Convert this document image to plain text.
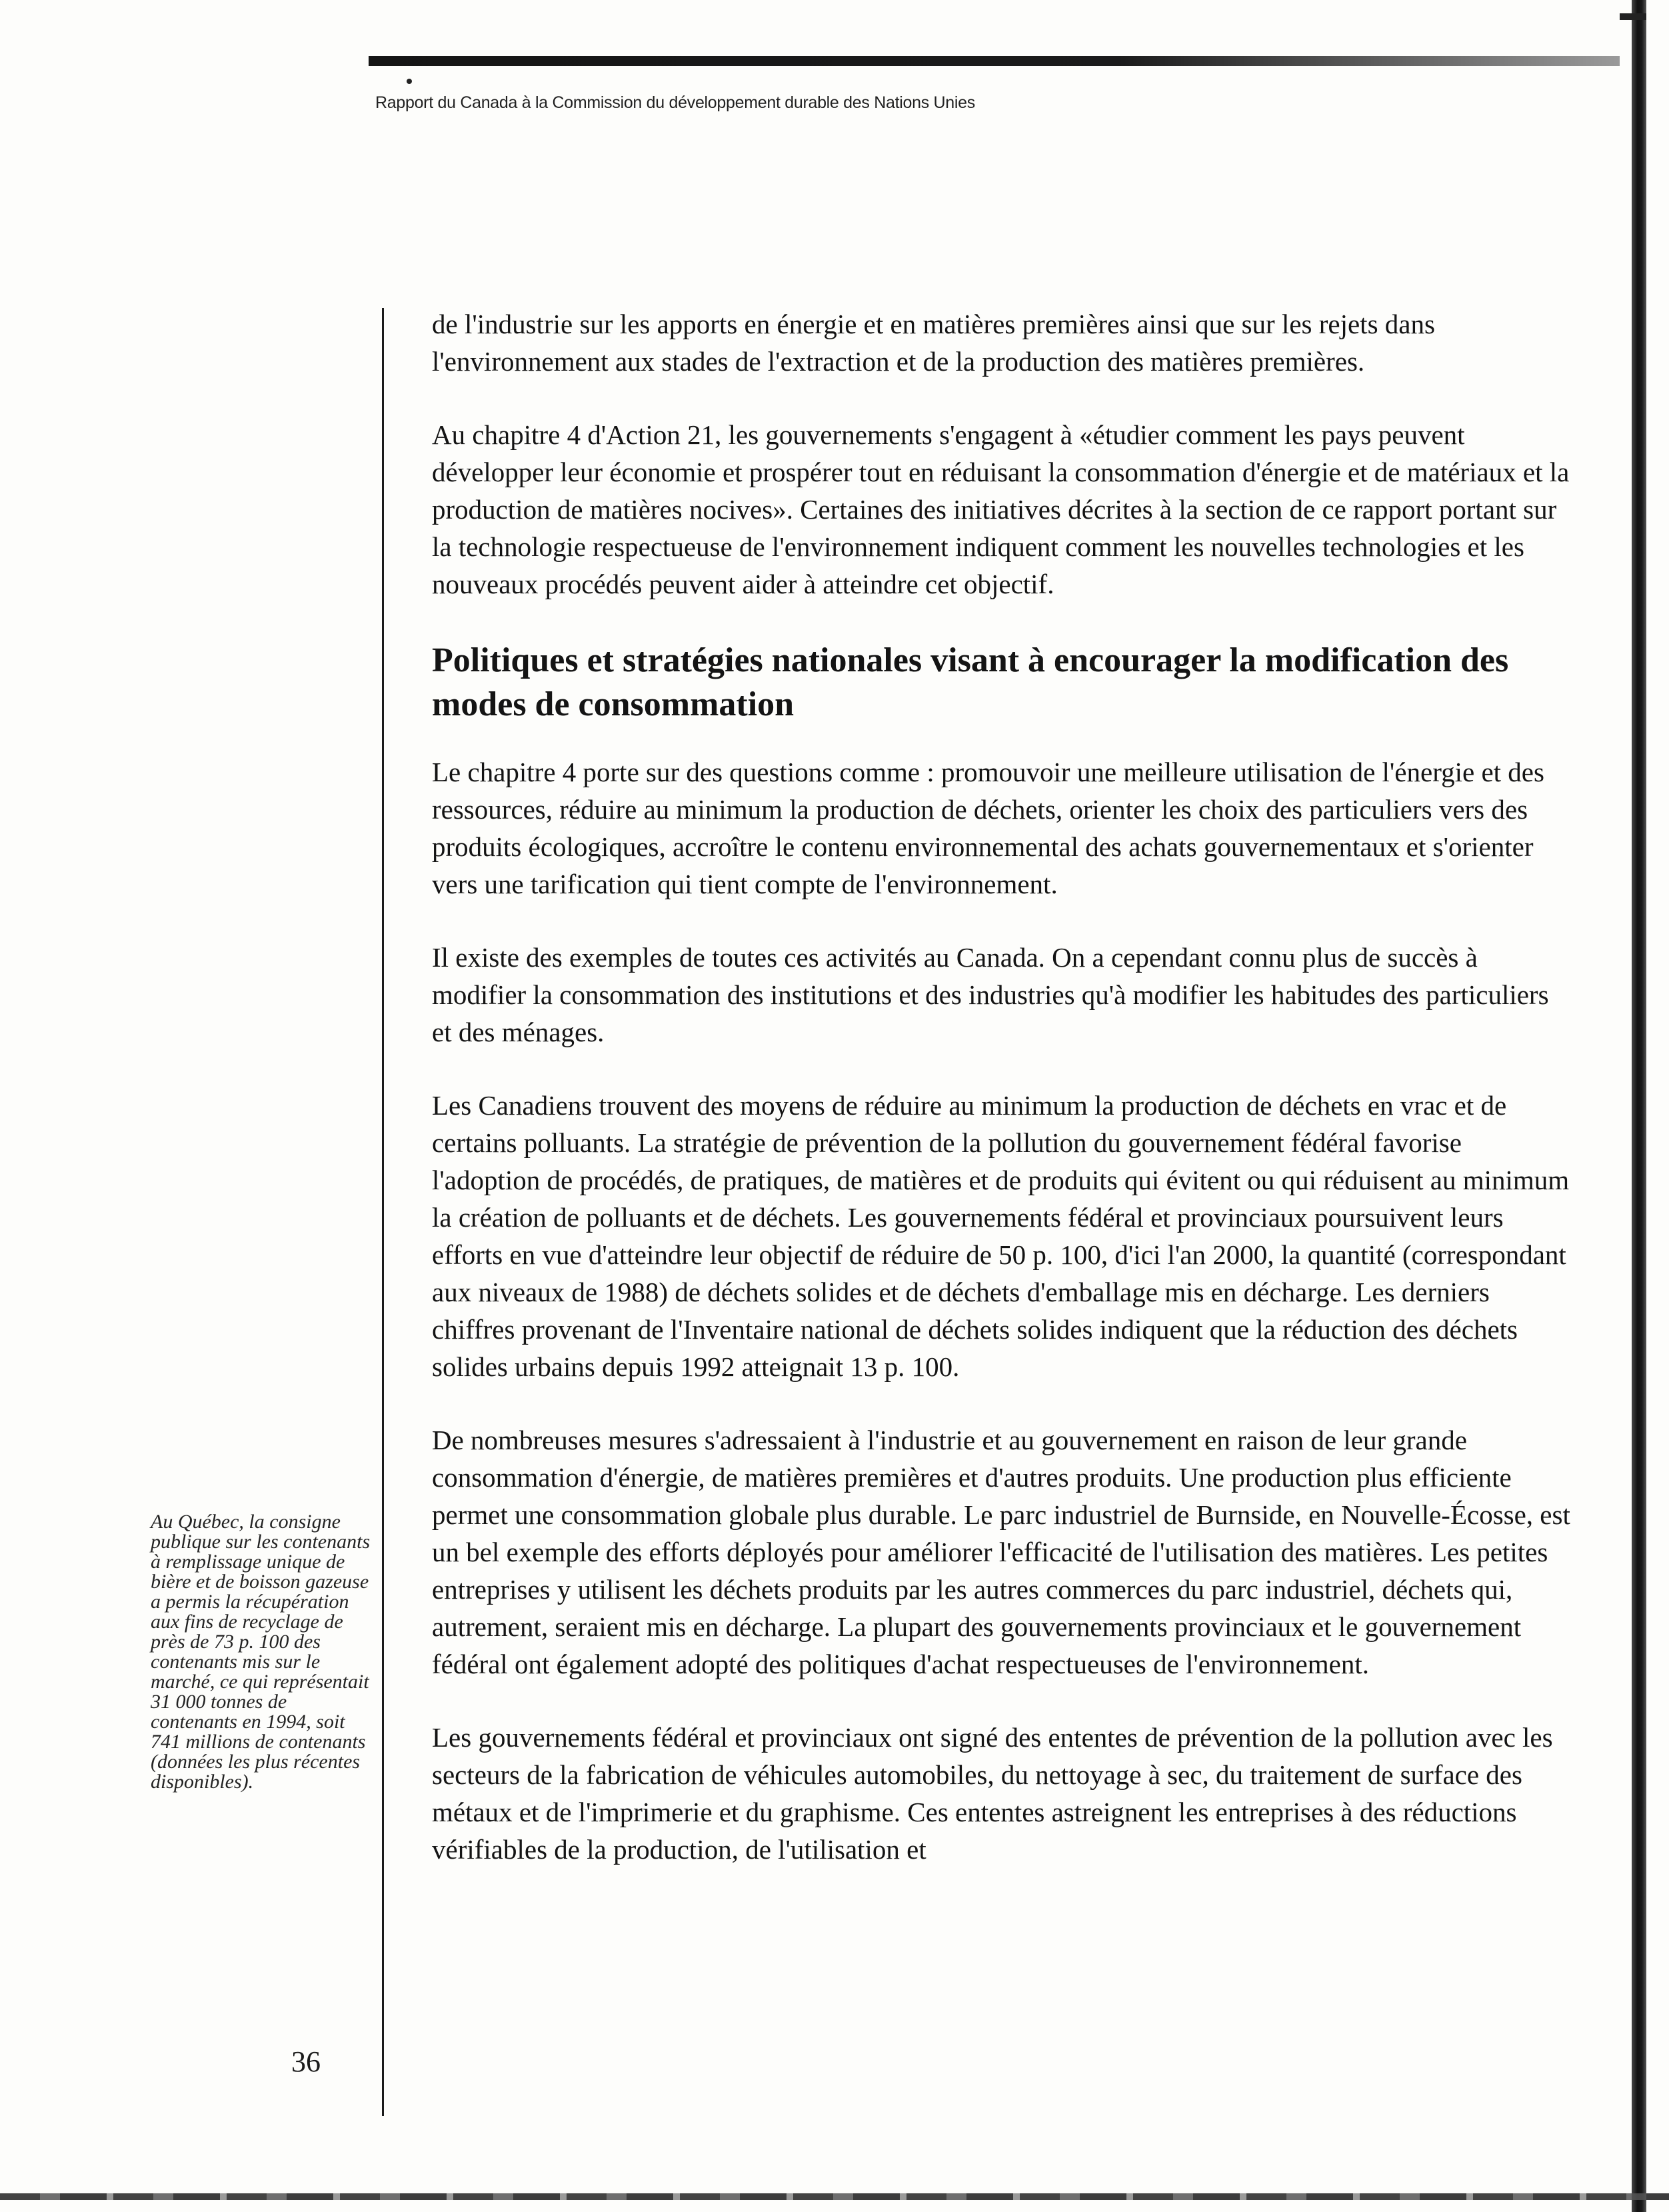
Rapport du Canada à la Commission du développement durable des Nations Unies

de l'industrie sur les apports en énergie et en matières premières ainsi que sur les rejets dans l'environnement aux stades de l'extraction et de la production des matières premières.

Au chapitre 4 d'Action 21, les gouvernements s'engagent à «étudier comment les pays peuvent développer leur économie et prospérer tout en réduisant la consommation d'énergie et de matériaux et la production de matières nocives». Certaines des initiatives décrites à la section de ce rapport portant sur la technologie respectueuse de l'environnement indiquent comment les nouvelles technologies et les nouveaux procédés peuvent aider à atteindre cet objectif.

Politiques et stratégies nationales visant à encourager la modification des modes de consommation

Le chapitre 4 porte sur des questions comme : promouvoir une meilleure utilisation de l'énergie et des ressources, réduire au minimum la production de déchets, orienter les choix des particuliers vers des produits écologiques, accroître le contenu environnemental des achats gouvernementaux et s'orienter vers une tarification qui tient compte de l'environnement.

Il existe des exemples de toutes ces activités au Canada. On a cependant connu plus de succès à modifier la consommation des institutions et des industries qu'à modifier les habitudes des particuliers et des ménages.

Les Canadiens trouvent des moyens de réduire au minimum la production de déchets en vrac et de certains polluants. La stratégie de prévention de la pollution du gouvernement fédéral favorise l'adoption de procédés, de pratiques, de matières et de produits qui évitent ou qui réduisent au minimum la création de polluants et de déchets. Les gouvernements fédéral et provinciaux poursuivent leurs efforts en vue d'atteindre leur objectif de réduire de 50 p. 100, d'ici l'an 2000, la quantité (correspondant aux niveaux de 1988) de déchets solides et de déchets d'emballage mis en décharge. Les derniers chiffres provenant de l'Inventaire national de déchets solides indiquent que la réduction des déchets solides urbains depuis 1992 atteignait 13 p. 100.

De nombreuses mesures s'adressaient à l'industrie et au gouvernement en raison de leur grande consommation d'énergie, de matières premières et d'autres produits. Une production plus efficiente permet une consommation globale plus durable. Le parc industriel de Burnside, en Nouvelle-Écosse, est un bel exemple des efforts déployés pour améliorer l'efficacité de l'utilisation des matières. Les petites entreprises y utilisent les déchets produits par les autres commerces du parc industriel, déchets qui, autrement, seraient mis en décharge. La plupart des gouvernements provinciaux et le gouvernement fédéral ont également adopté des politiques d'achat respectueuses de l'environnement.

Les gouvernements fédéral et provinciaux ont signé des ententes de prévention de la pollution avec les secteurs de la fabrication de véhicules automobiles, du nettoyage à sec, du traitement de surface des métaux et de l'imprimerie et du graphisme. Ces ententes astreignent les entreprises à des réductions vérifiables de la production, de l'utilisation et

Au Québec, la consigne publique sur les contenants à remplissage unique de bière et de boisson gazeuse a permis la récupération aux fins de recyclage de près de 73 p. 100 des contenants mis sur le marché, ce qui représentait 31 000 tonnes de contenants en 1994, soit 741 millions de contenants (données les plus récentes disponibles).

36
